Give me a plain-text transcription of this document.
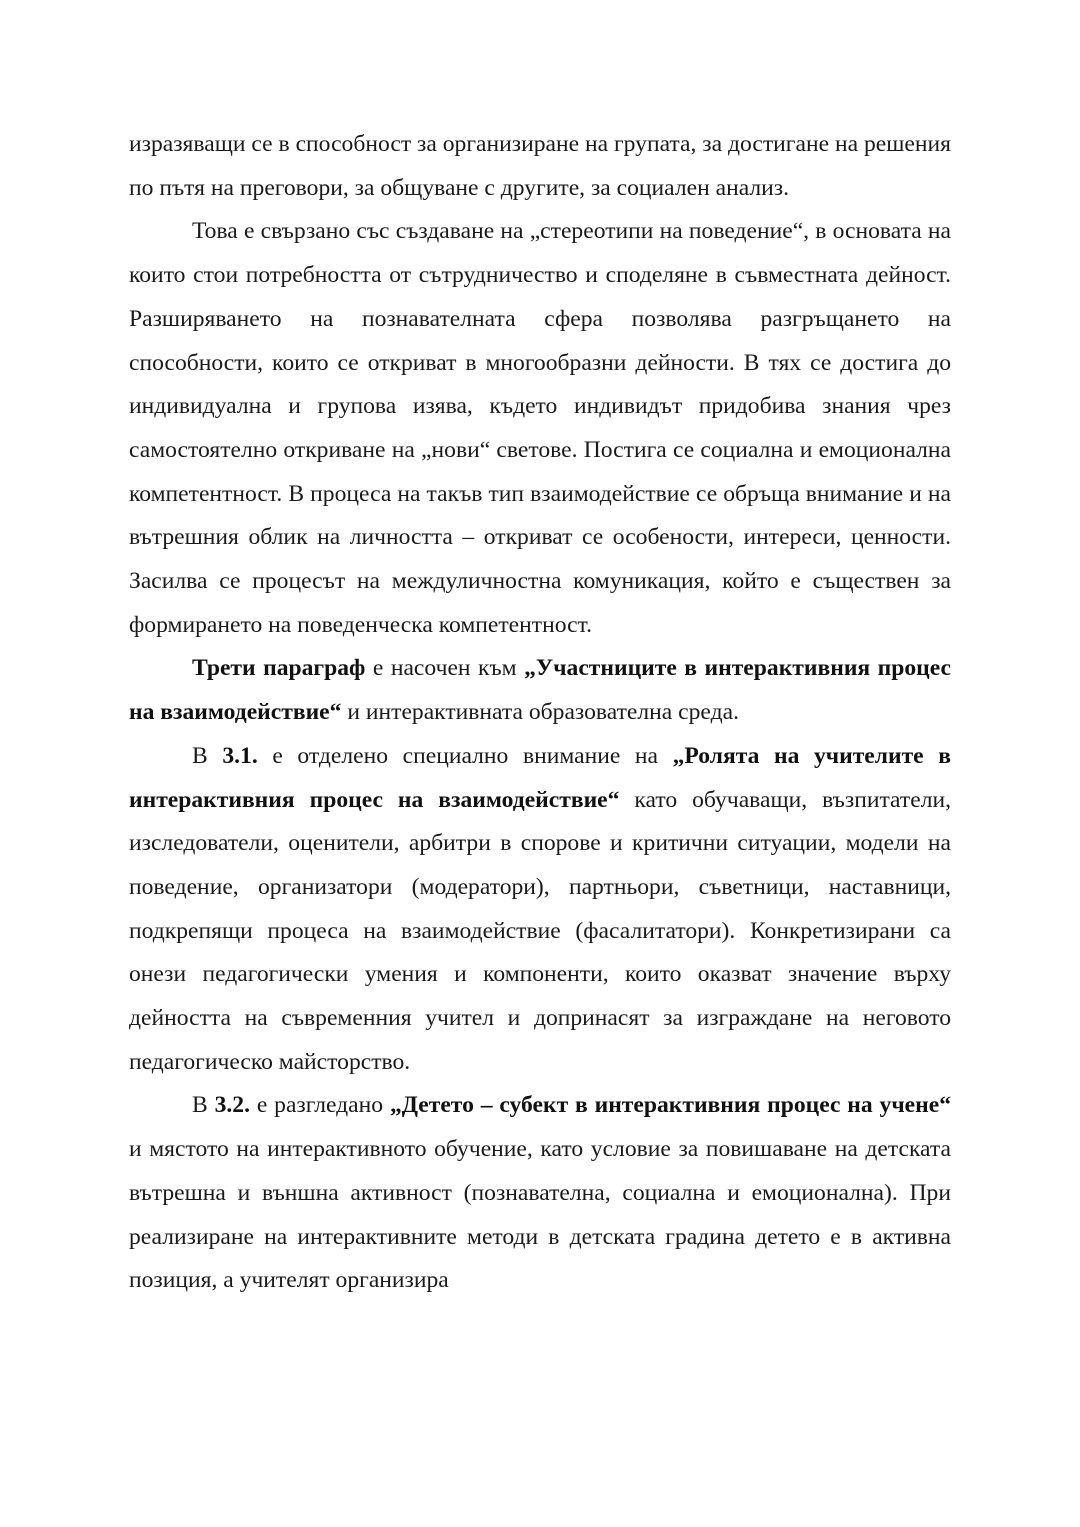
изразяващи се в способност за организиране на групата, за достигане на решения по пътя на преговори, за общуване с другите, за социален анализ.

Това е свързано със създаване на „стереотипи на поведение“, в основата на които стои потребността от сътрудничество и споделяне в съвместната дейност. Разширяването на познавателната сфера позволява разгръщането на способности, които се откриват в многообразни дейности. В тях се достига до индивидуална и групова изява, където индивидът придобива знания чрез самостоятелно откриване на „нови“ светове. Постига се социална и емоционална компетентност. В процеса на такъв тип взаимодействие се обръща внимание и на вътрешния облик на личността – откриват се особености, интереси, ценности. Засилва се процесът на междуличностна комуникация, който е съществен за формирането на поведенческа компетентност.

Трети параграф е насочен към „Участниците в интерактивния процес на взаимодействие“ и интерактивната образователна среда.

В 3.1. е отделено специално внимание на „Ролята на учителите в интерактивния процес на взаимодействие“ като обучаващи, възпитатели, изследователи, оценители, арбитри в спорове и критични ситуации, модели на поведение, организатори (модератори), партньори, съветници, наставници, подкрепящи процеса на взаимодействие (фасалитатори). Конкретизирани са онези педагогически умения и компоненти, които оказват значение върху дейността на съвременния учител и допринасят за изграждане на неговото педагогическо майсторство.

В 3.2. е разгледано „Детето – субект в интерактивния процес на учене“ и мястото на интерактивното обучение, като условие за повишаване на детската вътрешна и външна активност (познавателна, социална и емоционална). При реализиране на интерактивните методи в детската градина детето е в активна позиция, а учителят организира
